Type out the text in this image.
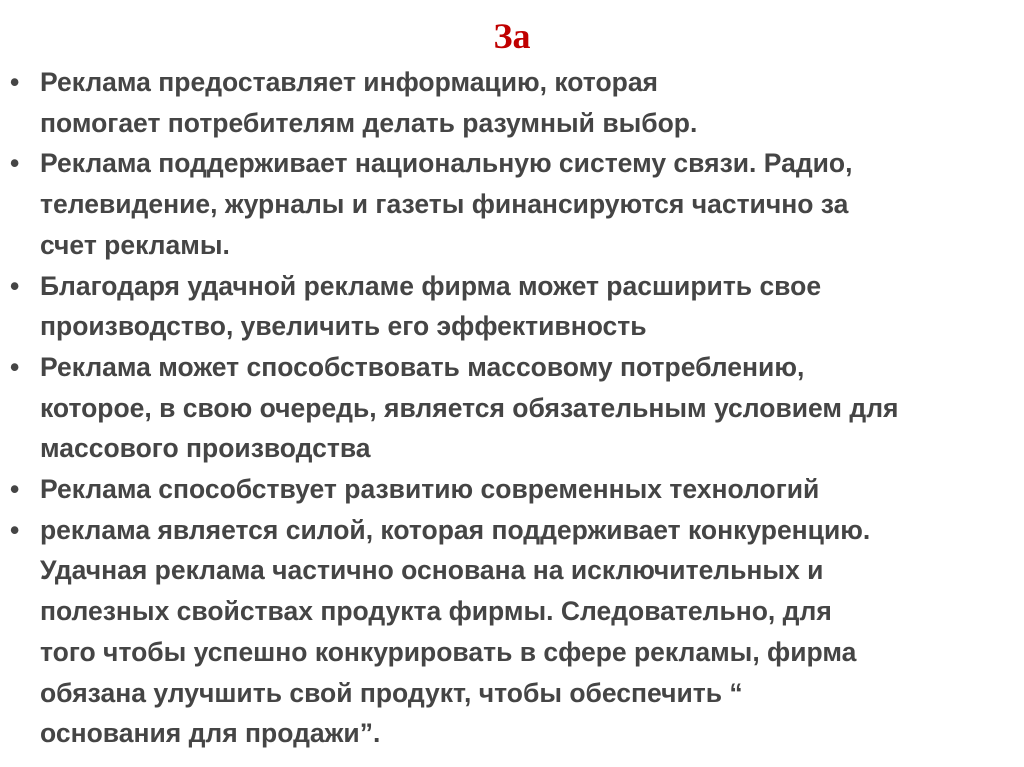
За
• Реклама предоставляет информацию, которая
помогает потребителям делать разумный выбор.
• Реклама поддерживает национальную систему связи. Радио,
телевидение, журналы и газеты финансируются частично за
счет рекламы.
• Благодаря удачной рекламе фирма может расширить свое
производство, увеличить его эффективность
• Реклама может способствовать массовому потреблению,
которое, в свою очередь, является обязательным условием для
массового производства
• Реклама способствует развитию современных технологий
• реклама является силой, которая поддерживает конкуренцию.
Удачная реклама частично основана на исключительных и
полезных свойствах продукта фирмы. Следовательно, для
того чтобы успешно конкурировать в сфере рекламы, фирма
обязана улучшить свой продукт, чтобы обеспечить “
основания для продажи”.
